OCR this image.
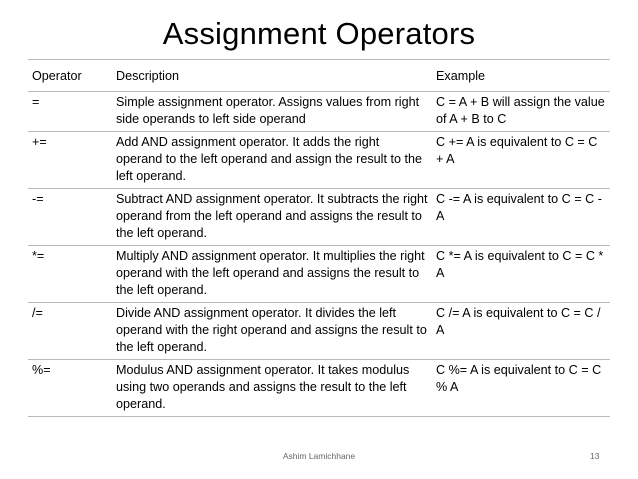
Assignment Operators
Operator	Description	Example
=	Simple assignment operator. Assigns values from right side operands to left side operand	C = A + B will assign the value of A + B to C
+=	Add AND assignment operator. It adds the right operand to the left operand and assign the result to the left operand.	C += A is equivalent to C = C + A
-=	Subtract AND assignment operator. It subtracts the right operand from the left operand and assigns the result to the left operand.	C -= A is equivalent to C = C - A
*=	Multiply AND assignment operator. It multiplies the right operand with the left operand and assigns the result to the left operand.	C *= A is equivalent to C = C * A
/=	Divide AND assignment operator. It divides the left operand with the right operand and assigns the result to the left operand.	C /= A is equivalent to C = C / A
%=	Modulus AND assignment operator. It takes modulus using two operands and assigns the result to the left operand.	C %= A is equivalent to C = C % A
Ashim Lamichhane	13
